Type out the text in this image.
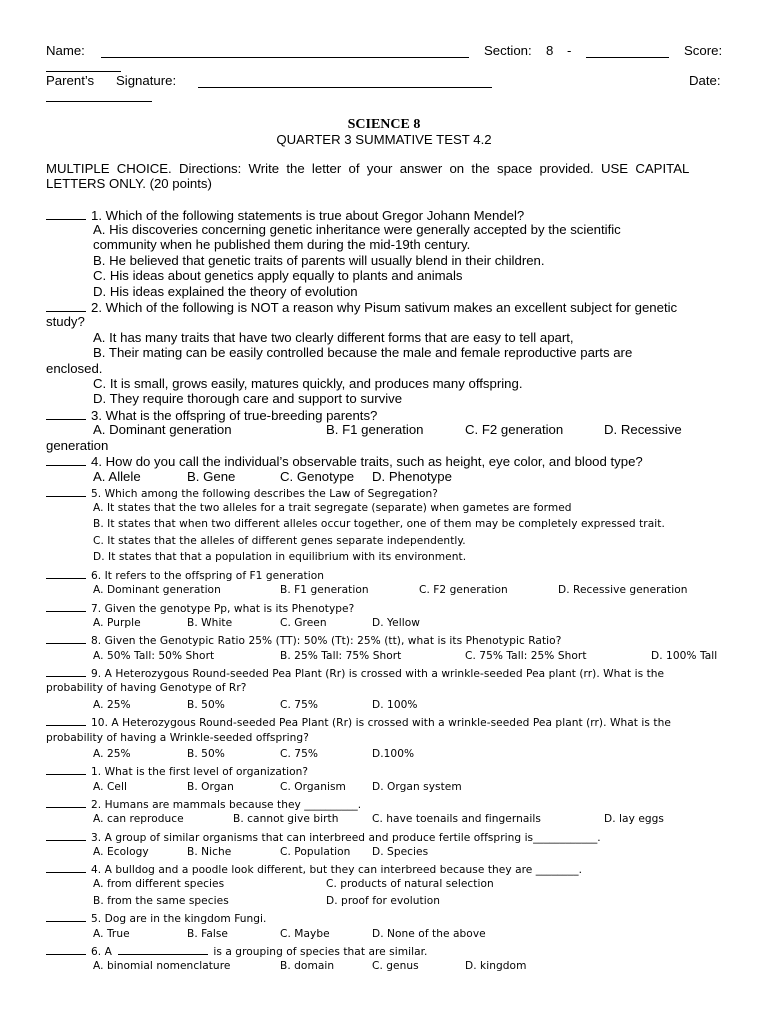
Name:	Section: 8 -	Score:
Parent’s Signature:	Date:
SCIENCE 8
QUARTER 3 SUMMATIVE TEST 4.2
MULTIPLE CHOICE. Directions: Write the letter of your answer on the space provided. USE CAPITAL
LETTERS ONLY. (20 points)
1. Which of the following statements is true about Gregor Johann Mendel?
A. His discoveries concerning genetic inheritance were generally accepted by the scientific
community when he published them during the mid-19th century.
B. He believed that genetic traits of parents will usually blend in their children.
C. His ideas about genetics apply equally to plants and animals
D. His ideas explained the theory of evolution
2. Which of the following is NOT a reason why Pisum sativum makes an excellent subject for genetic
study?
A. It has many traits that have two clearly different forms that are easy to tell apart,
B. Their mating can be easily controlled because the male and female reproductive parts are
enclosed.
C. It is small, grows easily, matures quickly, and produces many offspring.
D. They require thorough care and support to survive
3. What is the offspring of true-breeding parents?
A. Dominant generation	B. F1 generation	C. F2 generation	D. Recessive
generation
4. How do you call the individual’s observable traits, such as height, eye color, and blood type?
A. Allele	B. Gene	C. Genotype D. Phenotype
5. Which among the following describes the Law of Segregation?
A. It states that the two alleles for a trait segregate (separate) when gametes are formed
B. It states that when two different alleles occur together, one of them may be completely expressed trait.
C. It states that the alleles of different genes separate independently.
D. It states that that a population in equilibrium with its environment.
6. It refers to the offspring of F1 generation
A. Dominant generation	B. F1 generation	C. F2 generation	D. Recessive generation
7. Given the genotype Pp, what is its Phenotype?
A. Purple	B. White	C. Green	D. Yellow
8. Given the Genotypic Ratio 25% (TT): 50% (Tt): 25% (tt), what is its Phenotypic Ratio?
A. 50% Tall: 50% Short	B. 25% Tall: 75% Short	C. 75% Tall: 25% Short	D. 100% Tall
9. A Heterozygous Round-seeded Pea Plant (Rr) is crossed with a wrinkle-seeded Pea plant (rr). What is the
probability of having Genotype of Rr?
A. 25%	B. 50%	C. 75%	D. 100%
10. A Heterozygous Round-seeded Pea Plant (Rr) is crossed with a wrinkle-seeded Pea plant (rr). What is the
probability of having a Wrinkle-seeded offspring?
A. 25%	B. 50%	C. 75%	D.100%
1. What is the first level of organization?
A. Cell	B. Organ	C. Organism D. Organ system
2. Humans are mammals because they __________.
A. can reproduce	B. cannot give birth	C. have toenails and fingernails	D. lay eggs
3. A group of similar organisms that can interbreed and produce fertile offspring is____________.
A. Ecology	B. Niche	C. Population D. Species
4. A bulldog and a poodle look different, but they can interbreed because they are ________.
A. from different species	C. products of natural selection
B. from the same species	D. proof for evolution
5. Dog are in the kingdom Fungi.
A. True	B. False	C. Maybe	D. None of the above
6. A	is a grouping of species that are similar.
A. binomial nomenclature	B. domain	C. genus	D. kingdom
